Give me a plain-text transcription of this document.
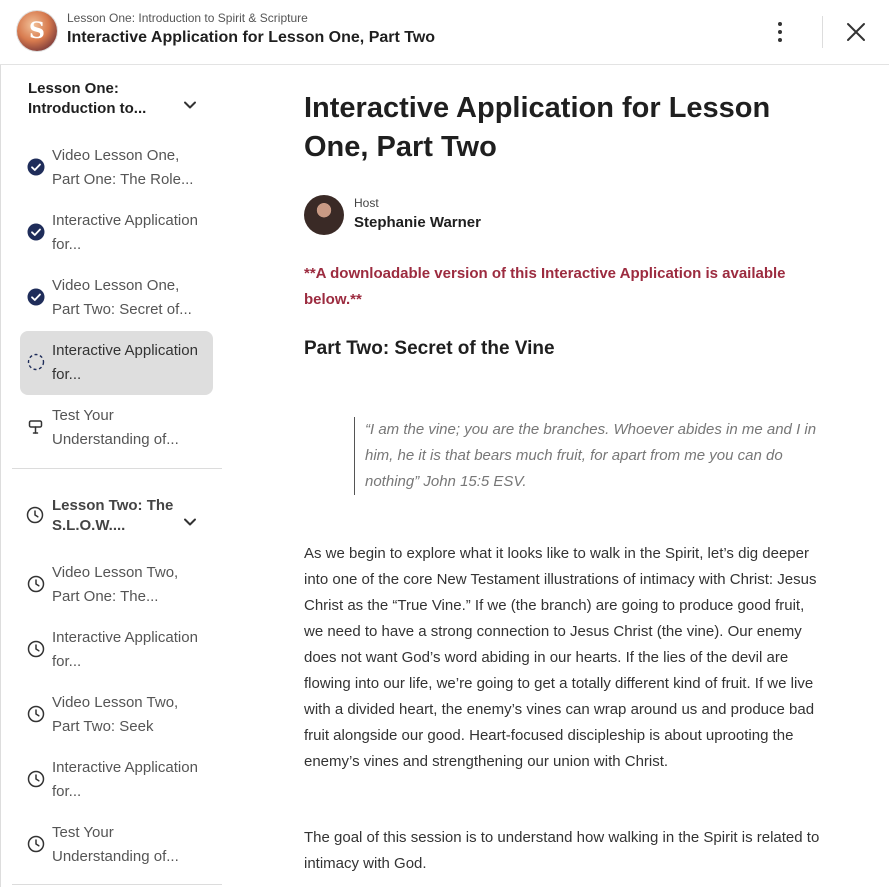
S Lesson One: Introduction to Spirit & Scripture
Interactive Application for Lesson One, Part Two
Lesson One: Introduction to...
Video Lesson One, Part One: The Role...
Interactive Application for...
Video Lesson One, Part Two: Secret of...
Interactive Application for...
Test Your Understanding of...
Lesson Two: The S.L.O.W....
Video Lesson Two, Part One: The...
Interactive Application for...
Video Lesson Two, Part Two: Seek
Interactive Application for...
Test Your Understanding of...
Interactive Application for Lesson One, Part Two
Host
Stephanie Warner
**A downloadable version of this Interactive Application is available below.**
Part Two: Secret of the Vine
“I am the vine; you are the branches. Whoever abides in me and I in him, he it is that bears much fruit, for apart from me you can do nothing” John 15:5 ESV.

As we begin to explore what it looks like to walk in the Spirit, let’s dig deeper into one of the core New Testament illustrations of intimacy with Christ: Jesus Christ as the “True Vine.” If we (the branch) are going to produce good fruit, we need to have a strong connection to Jesus Christ (the vine). Our enemy does not want God’s word abiding in our hearts. If the lies of the devil are flowing into our life, we’re going to get a totally different kind of fruit. If we live with a divided heart, the enemy’s vines can wrap around us and produce bad fruit alongside our good. Heart-focused discipleship is about uprooting the enemy’s vines and strengthening our union with Christ.

The goal of this session is to understand how walking in the Spirit is related to intimacy with God.
